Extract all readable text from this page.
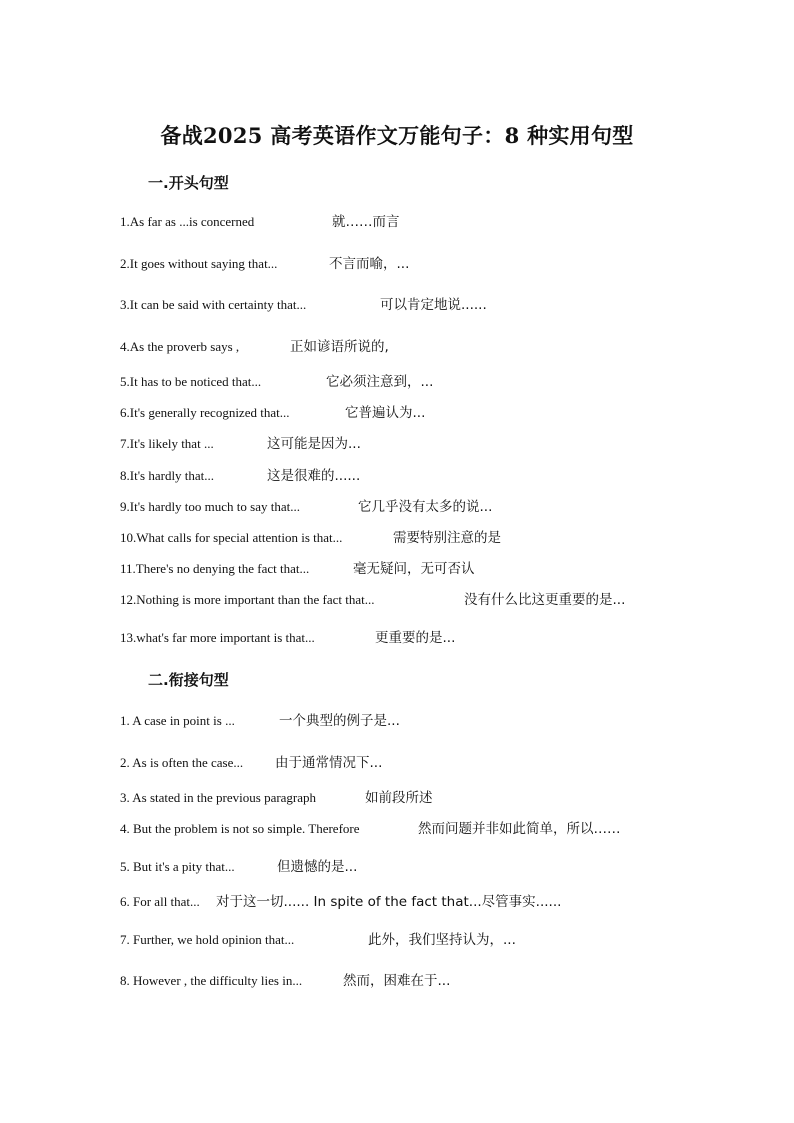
备战2025 高考英语作文万能句子：8 种实用句型
一.开头句型
1.As far as ...is concerned	就……而言
2.It goes without saying that...	不言而喻，...
3.It can be said with certainty that...	可以肯定地说......
4.As the proverb says ,	正如谚语所说的,
5.It has to be noticed that...	它必须注意到，...
6.It's generally recognized that...	它普遍认为...
7.It's likely that ...	这可能是因为...
8.It's hardly that...	这是很难的......
9.It's hardly too much to say that...	它几乎没有太多的说...
10.What calls for special attention is that...	需要特别注意的是
11.There's no denying the fact that...	毫无疑问，无可否认
12.Nothing is more important than the fact that...	没有什么比这更重要的是...
13.what's far more important is that...	更重要的是...
二.衔接句型
1. A case in point is ...	一个典型的例子是...
2. As is often the case... 由于通常情况下...
3. As stated in the previous paragraph	如前段所述
4. But the problem is not so simple. Therefore	然而问题并非如此简单，所以……
5. But it's a pity that...	但遗憾的是...
6. For all that... 对于这一切...... In spite of the fact that...尽管事实......
7. Further, we hold opinion that...	此外，我们坚持认为，...
8. However , the difficulty lies in...	然而，困难在于...
